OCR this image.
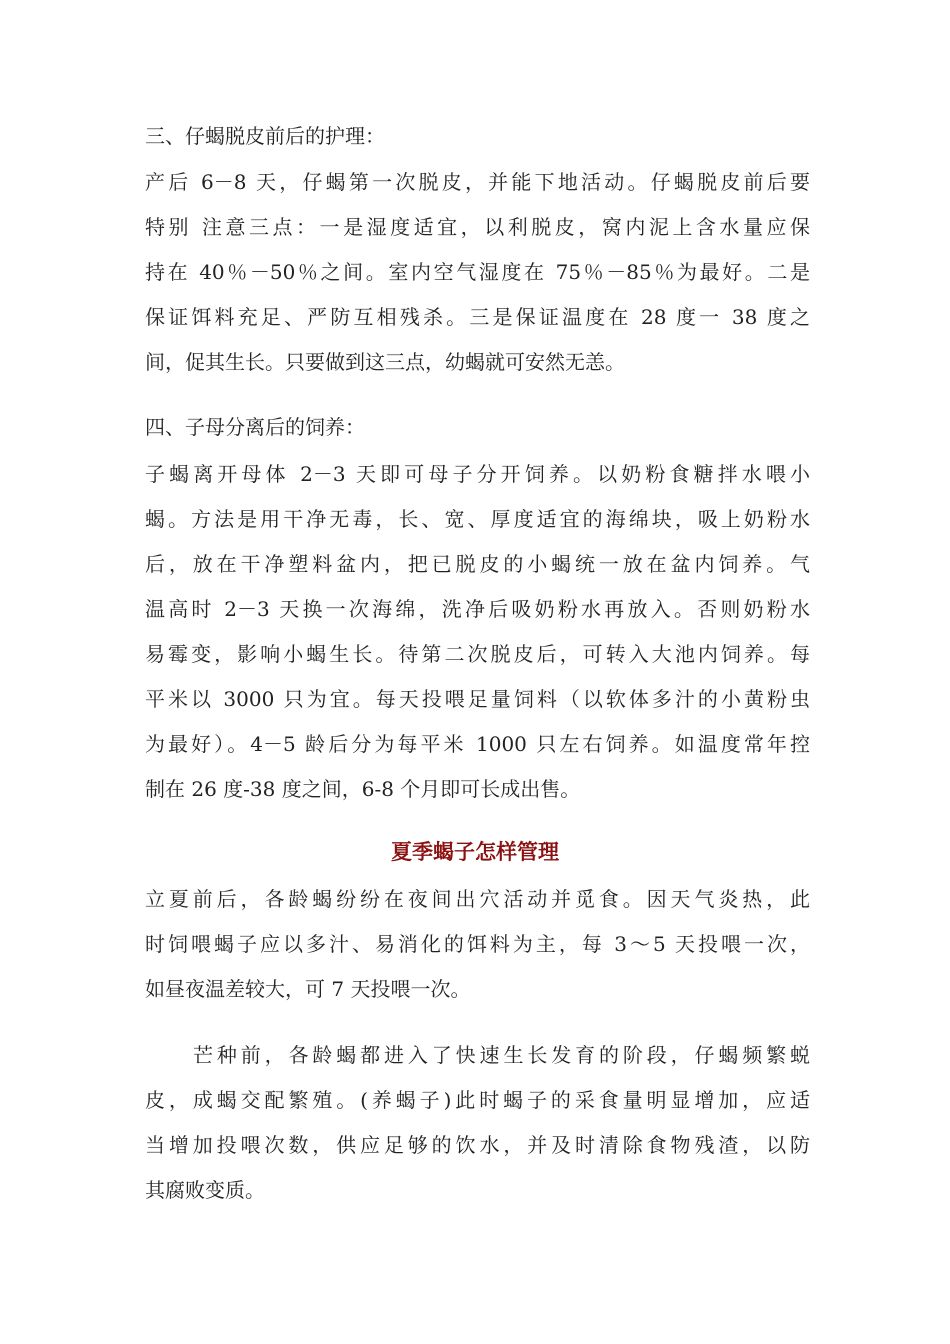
三、仔蝎脱皮前后的护理：
产后 6－8 天，仔蝎第一次脱皮，并能下地活动。仔蝎脱皮前后要
特别 注意三点：一是湿度适宜，以利脱皮，窝内泥上含水量应保
持在 40％－50％之间。室内空气湿度在 75％－85％为最好。二是
保证饵料充足、严防互相残杀。三是保证温度在 28 度一 38 度之
间，促其生长。只要做到这三点，幼蝎就可安然无恙。
四、子母分离后的饲养：
子蝎离开母体 2－3 天即可母子分开饲养。以奶粉食糖拌水喂小
蝎。方法是用干净无毒，长、宽、厚度适宜的海绵块，吸上奶粉水
后，放在干净塑料盆内，把已脱皮的小蝎统一放在盆内饲养。气
温高时 2－3 天换一次海绵，洗净后吸奶粉水再放入。否则奶粉水
易霉变，影响小蝎生长。待第二次脱皮后，可转入大池内饲养。每
平米以 3000 只为宜。每天投喂足量饲料（以软体多汁的小黄粉虫
为最好）。4－5 龄后分为每平米 1000 只左右饲养。如温度常年控
制在 26 度-38 度之间，6-8 个月即可长成出售。
夏季蝎子怎样管理
立夏前后，各龄蝎纷纷在夜间出穴活动并觅食。因天气炎热，此
时饲喂蝎子应以多汁、易消化的饵料为主，每 3～5 天投喂一次，
如昼夜温差较大，可 7 天投喂一次。
芒种前，各龄蝎都进入了快速生长发育的阶段，仔蝎频繁蜕
皮，成蝎交配繁殖。(养蝎子)此时蝎子的采食量明显增加，应适
当增加投喂次数，供应足够的饮水，并及时清除食物残渣，以防
其腐败变质。
